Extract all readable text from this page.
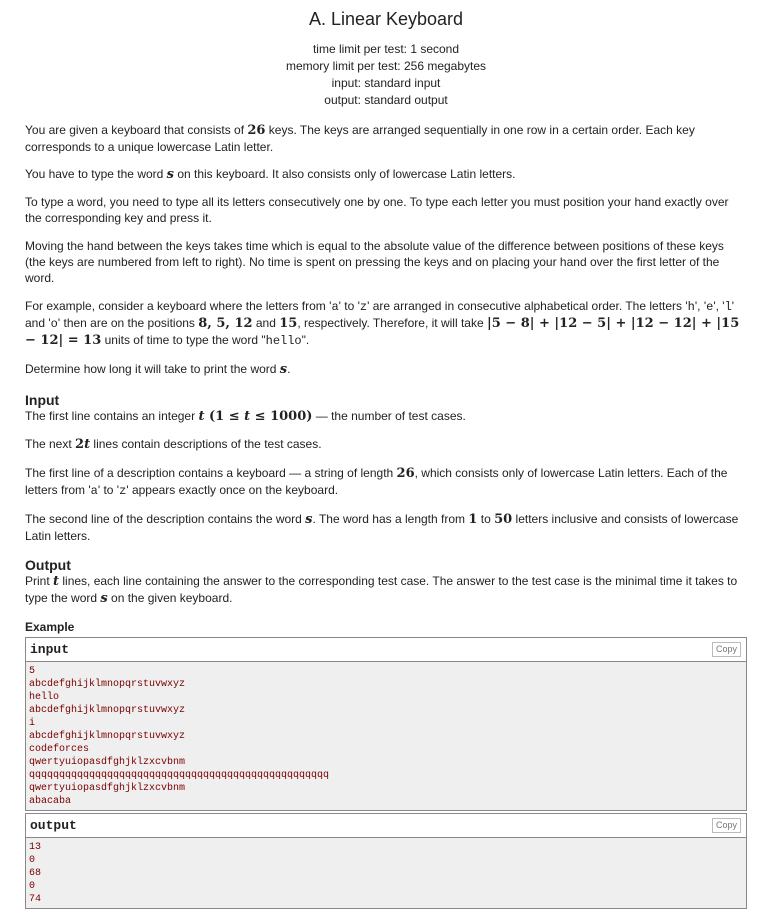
A. Linear Keyboard
time limit per test: 1 second
memory limit per test: 256 megabytes
input: standard input
output: standard output

You are given a keyboard that consists of 26 keys. The keys are arranged sequentially in one row in a certain order. Each key corresponds to a unique lowercase Latin letter.

You have to type the word s on this keyboard. It also consists only of lowercase Latin letters.

To type a word, you need to type all its letters consecutively one by one. To type each letter you must position your hand exactly over the corresponding key and press it.

Moving the hand between the keys takes time which is equal to the absolute value of the difference between positions of these keys (the keys are numbered from left to right). No time is spent on pressing the keys and on placing your hand over the first letter of the word.

For example, consider a keyboard where the letters from 'a' to 'z' are arranged in consecutive alphabetical order. The letters 'h', 'e', 'l' and 'o' then are on the positions 8, 5, 12 and 15, respectively. Therefore, it will take |5 − 8| + |12 − 5| + |12 − 12| + |15 − 12| = 13 units of time to type the word "hello".

Determine how long it will take to print the word s.

Input

The first line contains an integer t (1 ≤ t ≤ 1000) — the number of test cases.

The next 2t lines contain descriptions of the test cases.

The first line of a description contains a keyboard — a string of length 26, which consists only of lowercase Latin letters. Each of the letters from 'a' to 'z' appears exactly once on the keyboard.

The second line of the description contains the word s. The word has a length from 1 to 50 letters inclusive and consists of lowercase Latin letters.

Output

Print t lines, each line containing the answer to the corresponding test case. The answer to the test case is the minimal time it takes to type the word s on the given keyboard.

Example
input	Copy
5
abcdefghijklmnopqrstuvwxyz
hello
abcdefghijklmnopqrstuvwxyz
i
abcdefghijklmnopqrstuvwxyz
codeforces
qwertyuiopasdfghjklzxcvbnm
qqqqqqqqqqqqqqqqqqqqqqqqqqqqqqqqqqqqqqqqqqqqqqqqqq
qwertyuiopasdfghjklzxcvbnm
abacaba
output	Copy
13
0
68
0
74
